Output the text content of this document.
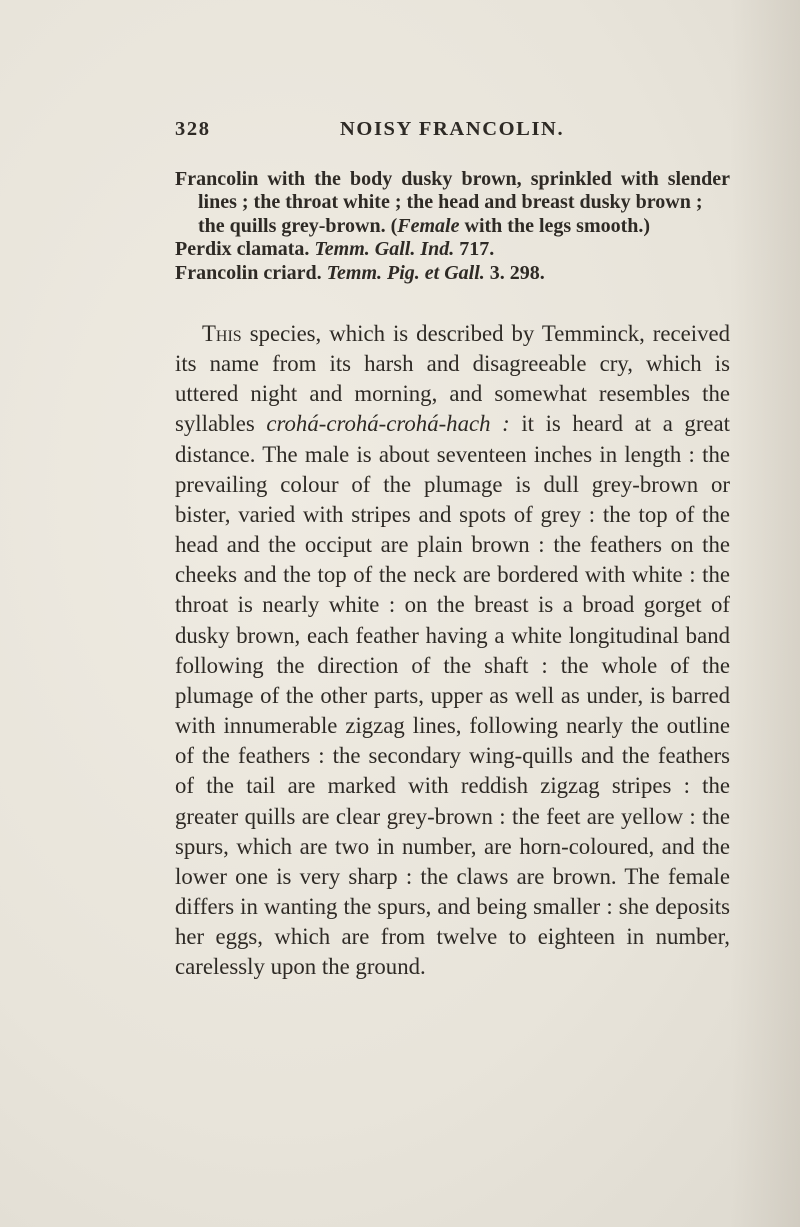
328	NOISY FRANCOLIN.
Francolin with the body dusky brown, sprinkled with slender
lines ; the throat white ; the head and breast dusky brown ;
the quills grey-brown. (Female with the legs smooth.)
Perdix clamata. Temm. Gall. Ind. 717.
Francolin criard. Temm. Pig. et Gall. 3. 298.

This species, which is described by Temminck, received its name from its harsh and disagreeable cry, which is uttered night and morning, and somewhat resembles the syllables crohá-crohá-crohá-hach : it is heard at a great distance. The male is about seventeen inches in length : the prevailing colour of the plumage is dull grey-brown or bister, varied with stripes and spots of grey : the top of the head and the occiput are plain brown : the feathers on the cheeks and the top of the neck are bordered with white : the throat is nearly white : on the breast is a broad gorget of dusky brown, each feather having a white longitudinal band following the direction of the shaft : the whole of the plumage of the other parts, upper as well as under, is barred with innumerable zigzag lines, following nearly the outline of the feathers : the secondary wing-quills and the feathers of the tail are marked with reddish zigzag stripes : the greater quills are clear grey-brown : the feet are yellow : the spurs, which are two in number, are horn-coloured, and the lower one is very sharp : the claws are brown. The female differs in wanting the spurs, and being smaller : she deposits her eggs, which are from twelve to eighteen in number, carelessly upon the ground.
